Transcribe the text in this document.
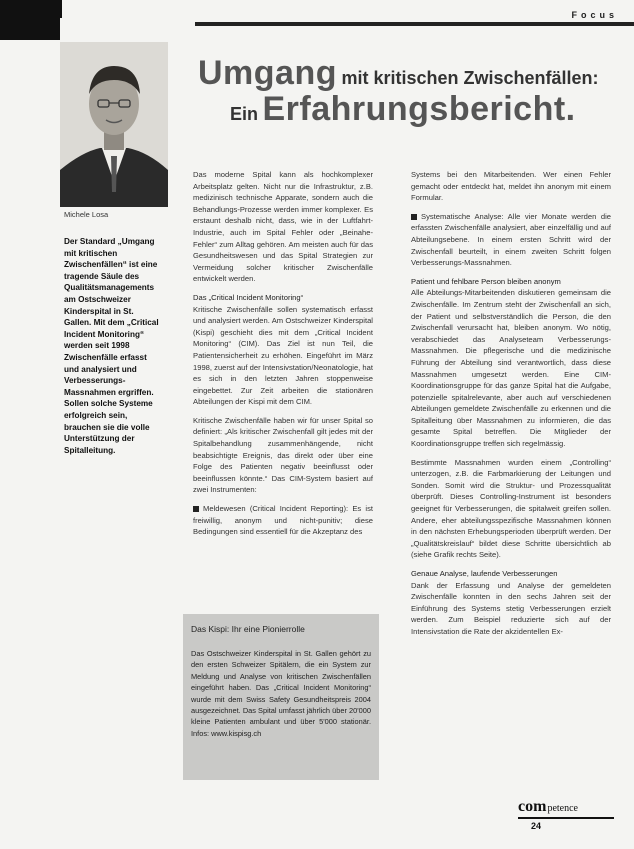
Focus
Michele Losa
Der Standard „Umgang mit kritischen Zwischenfällen“ ist eine tragende Säule des Qualitätsmanagements am Ostschweizer Kinderspital in St. Gallen. Mit dem „Critical Incident Monitoring“ werden seit 1998 Zwischenfälle erfasst und analysiert und Verbesserungs-Massnahmen ergriffen. Sollen solche Systeme erfolgreich sein, brauchen sie die volle Unterstützung der Spitalleitung.
Umgang mit kritischen Zwischenfällen:
Ein Erfahrungsbericht.

Das moderne Spital kann als hochkomplexer Arbeitsplatz gelten. Nicht nur die Infrastruktur, z.B. medizinisch technische Apparate, sondern auch die Behandlungs-Prozesse werden immer komplexer. Es erstaunt deshalb nicht, dass, wie in der Luftfahrt-Industrie, auch im Spital Fehler oder „Beinahe-Fehler“ zum Alltag gehören. Am meisten auch für das Gesundheitswesen und das Spital Strategien zur Vermeidung solcher kritischer Zwischenfälle entwickelt werden.

Das „Critical Incident Monitoring“

Kritische Zwischenfälle sollen systematisch erfasst und analysiert werden. Am Ostschweizer Kinderspital (Kispi) geschieht dies mit dem „Critical Incident Monitoring“ (CIM). Das Ziel ist nun Teil, die Patientensicherheit zu erhöhen. Eingeführt im März 1998, zuerst auf der Intensivstation/Neonatologie, hat es sich in den letzten Jahren stoppenweise eingebettet. Zur Zeit arbeiten die stationären Abteilungen der Kispi mit dem CIM.

Kritische Zwischenfälle haben wir für unser Spital so definiert: „Als kritischer Zwischenfall gilt jedes mit der Spitalbehandlung zusammenhängende, nicht beabsichtigte Ereignis, das direkt oder über eine Folge des Patienten negativ beeinflusst oder beeinflussen könnte.“ Das CIM-System basiert auf zwei Instrumenten:

Meldewesen (Critical Incident Reporting): Es ist freiwillig, anonym und nicht-punitiv; diese Bedingungen sind essentiell für die Akzeptanz des

Das Kispi: Ihr eine Pionierrolle
Das Ostschweizer Kinderspital in St. Gallen gehört zu den ersten Schweizer Spitälern, die ein System zur Meldung und Analyse von kritischen Zwischenfällen eingeführt haben. Das „Critical Incident Monitoring“ wurde mit dem Swiss Safety Gesundheitspreis 2004 ausgezeichnet. Das Spital umfasst jährlich über 20'000 kleine Patienten ambulant und über 5'000 stationär. Infos: www.kispisg.ch

Systems bei den Mitarbeitenden. Wer einen Fehler gemacht oder entdeckt hat, meldet ihn anonym mit einem Formular.

Systematische Analyse: Alle vier Monate werden die erfassten Zwischenfälle analysiert, aber einzelfällig und auf Abteilungsebene. In einem ersten Schritt wird der Zwischenfall beurteilt, in einem zweiten Schritt folgen Verbesserungs-Massnahmen.

Patient und fehlbare Person bleiben anonym

Alle Abteilungs-Mitarbeitenden diskutieren gemeinsam die Zwischenfälle. Im Zentrum steht der Zwischenfall an sich, der Patient und selbstverständlich die Person, die den Zwischenfall verursacht hat, bleiben anonym. Wo nötig, verabschiedet das Analyseteam Verbesserungs-Massnahmen. Die pflegerische und die medizinische Führung der Abteilung sind verantwortlich, dass diese Massnahmen umgesetzt werden. Eine CIM-Koordinationsgruppe für das ganze Spital hat die Aufgabe, potenzielle spitalrelevante, aber auch auf verschiedenen Abteilungen gemeldete Zwischenfälle zu erkennen und die Spitalleitung über Massnahmen zu informieren, die das gesamte Spital betreffen. Die Mitglieder der Koordinationsgruppe treffen sich regelmässig.

Bestimmte Massnahmen wurden einem „Controlling“ unterzogen, z.B. die Farbmarkierung der Leitungen und Sonden. Somit wird die Struktur- und Prozessqualität überprüft. Dieses Controlling-Instrument ist besonders geeignet für Verbesserungen, die spitalweit greifen sollen. Andere, eher abteilungsspezifische Massnahmen können in den nächsten Erhebungsperioden überprüft werden. Der „Qualitätskreislauf“ bildet diese Schritte übersichtlich ab (siehe Grafik rechts Seite).

Genaue Analyse, laufende Verbesserungen

Dank der Erfassung und Analyse der gemeldeten Zwischenfälle konnten in den sechs Jahren seit der Einführung des Systems stetig Verbesserungen erzielt werden. Zum Beispiel reduzierte sich auf der Intensivstation die Rate der akzidentellen Ex-

competence
24
